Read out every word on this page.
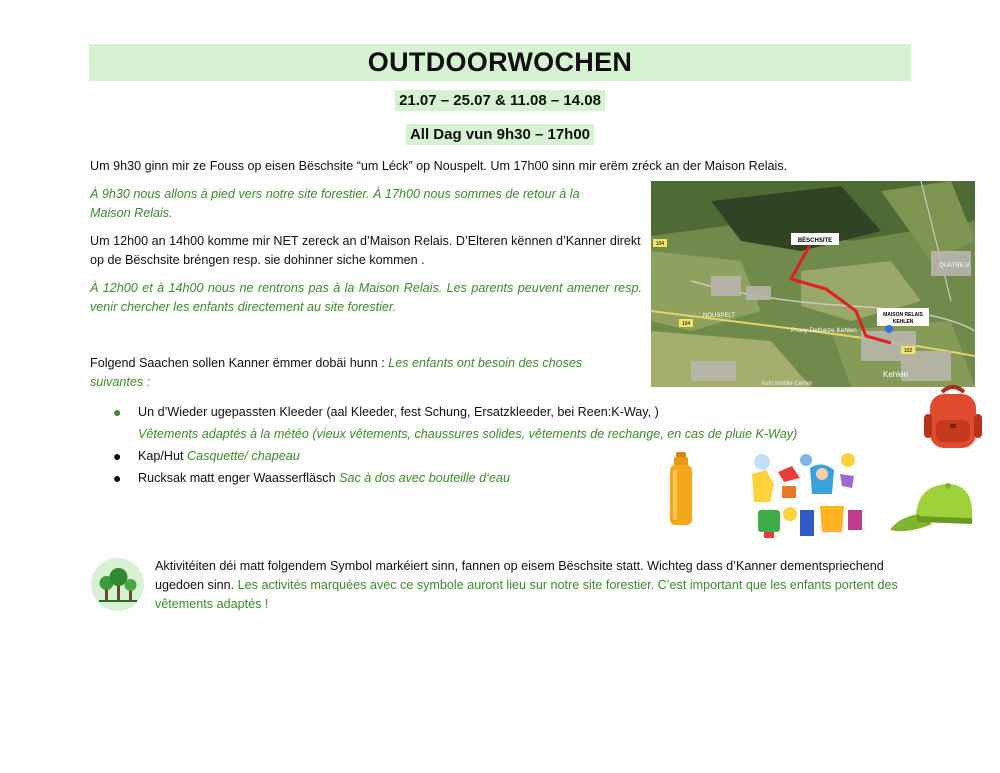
OUTDOORWOCHEN
21.07 – 25.07 & 11.08 – 14.08
All Dag vun 9h30 – 17h00
Um 9h30 ginn mir ze Fouss op eisen Bëschsite “um Léck” op Nouspelt. Um 17h00 sinn mir erëm zréck an der Maison Relais.
À 9h30 nous allons à pied vers notre site forestier. À 17h00 nous sommes de retour à la Maison Relais.
Um 12h00 an 14h00 komme mir NET zereck an d’Maison Relais. D’Elteren kënnen d’Kanner direkt op de Bëschsite bréngen resp. sie dohinner siche kommen .
À 12h00 et à 14h00 nous ne rentrons pas à la Maison Relais. Les parents peuvent amener resp. venir chercher les enfants directement au site forestier.
Folgend Saachen sollen Kanner ëmmer dobäi hunn : Les enfants ont besoin des choses suivantes :
BËSCHSITE
MAISON RELAIS
KEHLEN
NOUSPELT
Kehlen
QUATRE-V
Proxy Delhaize Kehlen
104
104
102
Auto Mobile Center
● Un d’Wieder ugepassten Kleeder (aal Kleeder, fest Schung, Ersatzkleeder, bei Reen:K-Way, )
Vêtements adaptés à la météo (vieux vêtements, chaussures solides, vêtements de rechange, en cas de pluie K-Way)
● Kap/Hut Casquette/ chapeau
● Rucksak matt enger Waasserfläsch Sac à dos avec bouteille d‘eau
Aktivitéiten déi matt folgendem Symbol markéiert sinn, fannen op eisem Bëschsite statt. Wichteg dass d’Kanner dementspriechend ugedoen sinn. Les activités marquées avec ce symbole auront lieu sur notre site forestier. C’est important que les enfants portent des vêtements adaptés !
